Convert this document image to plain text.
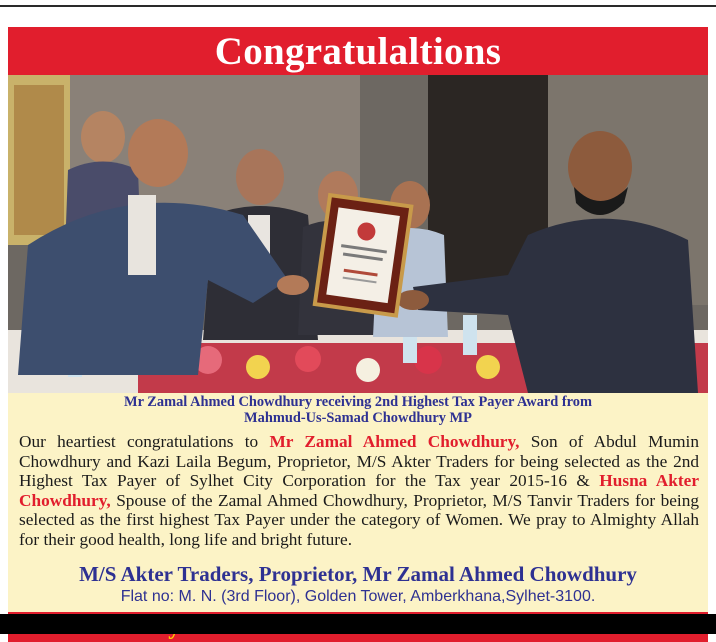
Congratulaltions
Mr Zamal Ahmed Chowdhury receiving 2nd Highest Tax Payer Award from
Mahmud-Us-Samad Chowdhury MP
Our heartiest congratulations to Mr Zamal Ahmed Chowdhury, Son of Abdul Mumin Chowdhury and Kazi Laila Begum, Proprietor, M/S Akter Traders for being selected as the 2nd Highest Tax Payer of Sylhet City Corporation for the Tax year 2015-16 & Husna Akter Chowdhury, Spouse of the Zamal Ahmed Chowdhury, Proprietor, M/S Tanvir Traders for being selected as the first highest Tax Payer under the category of Women. We pray to Almighty Allah for their good health, long life and bright future.
M/S Akter Traders, Proprietor, Mr Zamal Ahmed Chowdhury
Flat no: M. N. (3rd Floor), Golden Tower, Amberkhana,Sylhet-3100.
